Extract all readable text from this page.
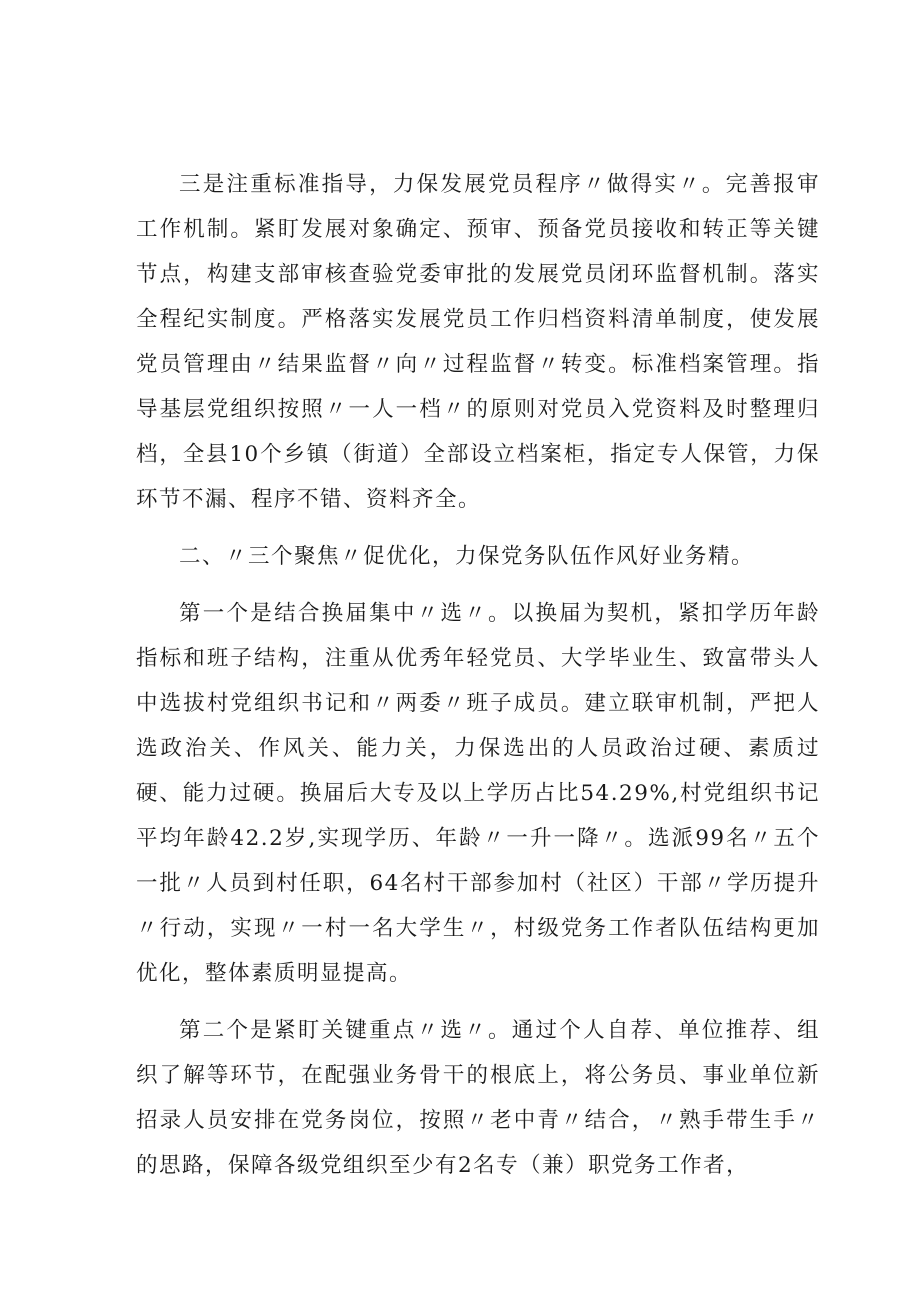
三是注重标准指导，力保发展党员程序〃做得实〃。完善报审工作机制。紧盯发展对象确定、预审、预备党员接收和转正等关键节点，构建支部审核查验党委审批的发展党员闭环监督机制。落实全程纪实制度。严格落实发展党员工作归档资料清单制度，使发展党员管理由〃结果监督〃向〃过程监督〃转变。标准档案管理。指导基层党组织按照〃一人一档〃的原则对党员入党资料及时整理归档，全县10个乡镇（街道）全部设立档案柜，指定专人保管，力保环节不漏、程序不错、资料齐全。

二、〃三个聚焦〃促优化，力保党务队伍作风好业务精。

第一个是结合换届集中〃选〃。以换届为契机，紧扣学历年龄指标和班子结构，注重从优秀年轻党员、大学毕业生、致富带头人中选拔村党组织书记和〃两委〃班子成员。建立联审机制，严把人选政治关、作风关、能力关，力保选出的人员政治过硬、素质过硬、能力过硬。换届后大专及以上学历占比54.29%,村党组织书记平均年龄42.2岁,实现学历、年龄〃一升一降〃。选派99名〃五个一批〃人员到村任职，64名村干部参加村（社区）干部〃学历提升〃行动，实现〃一村一名大学生〃，村级党务工作者队伍结构更加优化，整体素质明显提高。

第二个是紧盯关键重点〃选〃。通过个人自荐、单位推荐、组织了解等环节，在配强业务骨干的根底上，将公务员、事业单位新招录人员安排在党务岗位，按照〃老中青〃结合，〃熟手带生手〃的思路，保障各级党组织至少有2名专（兼）职党务工作者，
